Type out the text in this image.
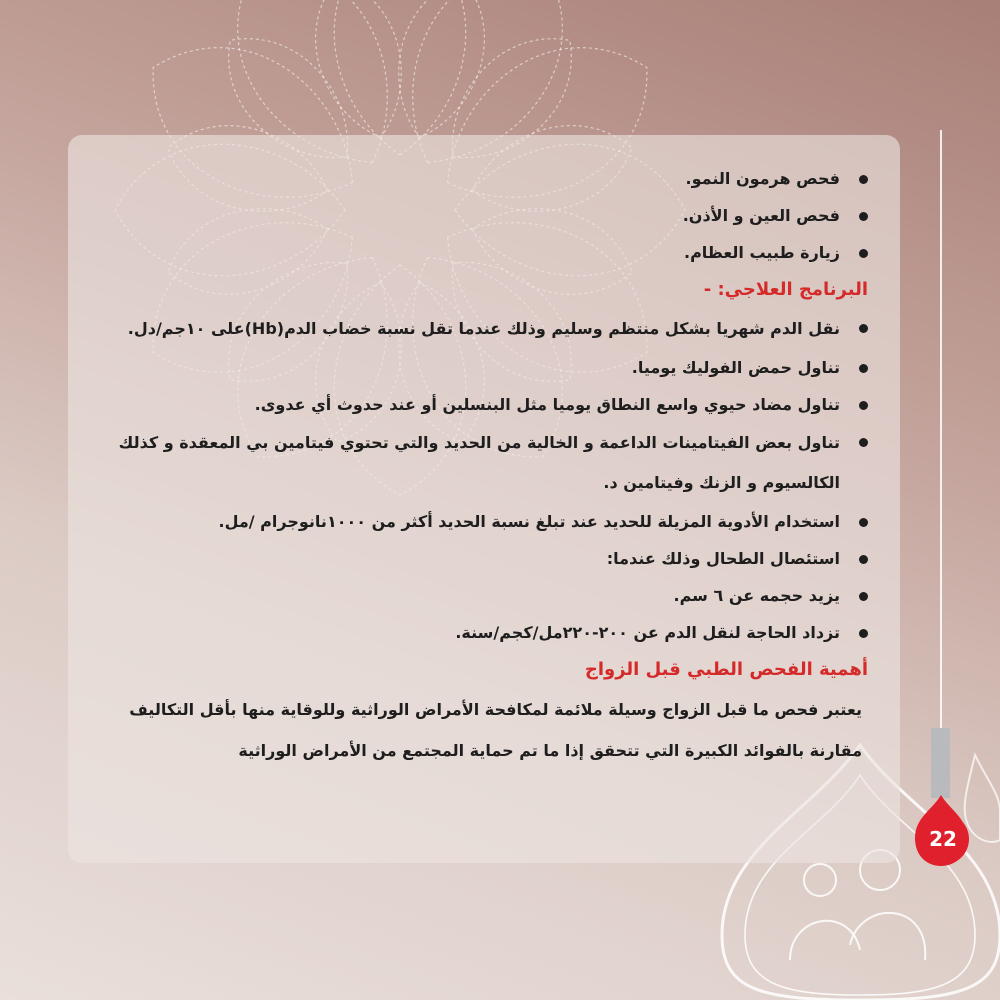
فحص هرمون النمو.
فحص العين و الأذن.
زيارة طبيب العظام.
البرنامج العلاجي: -
نقل الدم شهريا بشكل منتظم وسليم وذلك عندما تقل نسبة خضاب الدم(Hb)على ١٠جم/دل.
تناول حمض الفوليك يوميا.
تناول مضاد حيوي واسع النطاق يوميا مثل البنسلين أو عند حدوث أي عدوى.
تناول بعض الفيتامينات الداعمة و الخالية من الحديد والتي تحتوي فيتامين بي المعقدة و كذلك الكالسيوم و الزنك وفيتامين د.
استخدام الأدوية المزيلة للحديد عند تبلغ نسبة الحديد أكثر من ١٠٠٠نانوجرام /مل.
استئصال الطحال وذلك عندما:
يزيد حجمه عن ٦ سم.
تزداد الحاجة لنقل الدم عن ٢٠٠-٢٢٠مل/كجم/سنة.
أهمية الفحص الطبي قبل الزواج
يعتبر فحص ما قبل الزواج وسيلة ملائمة لمكافحة الأمراض الوراثية وللوقاية منها بأقل التكاليف مقارنة بالفوائد الكبيرة التي تتحقق إذا ما تم حماية المجتمع من الأمراض الوراثية
22
